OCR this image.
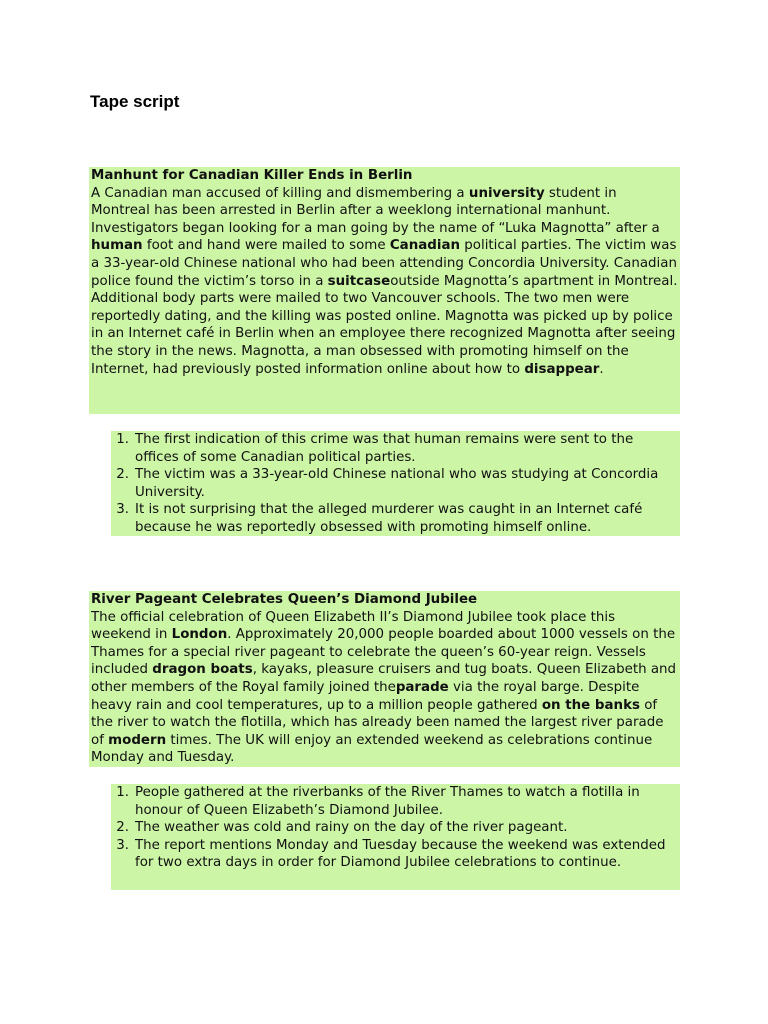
Tape script
Manhunt for Canadian Killer Ends in Berlin
A Canadian man accused of killing and dismembering a university student in Montreal has been arrested in Berlin after a weeklong international manhunt. Investigators began looking for a man going by the name of “Luka Magnotta” after a human foot and hand were mailed to some Canadian political parties. The victim was a 33-year-old Chinese national who had been attending Concordia University. Canadian police found the victim’s torso in a suitcaseoutside Magnotta’s apartment in Montreal. Additional body parts were mailed to two Vancouver schools. The two men were reportedly dating, and the killing was posted online. Magnotta was picked up by police in an Internet café in Berlin when an employee there recognized Magnotta after seeing the story in the news. Magnotta, a man obsessed with promoting himself on the Internet, had previously posted information online about how to disappear.
1. The first indication of this crime was that human remains were sent to the offices of some Canadian political parties.
2. The victim was a 33-year-old Chinese national who was studying at Concordia University.
3. It is not surprising that the alleged murderer was caught in an Internet café because he was reportedly obsessed with promoting himself online.
River Pageant Celebrates Queen’s Diamond Jubilee
The official celebration of Queen Elizabeth II’s Diamond Jubilee took place this weekend in London. Approximately 20,000 people boarded about 1000 vessels on the Thames for a special river pageant to celebrate the queen’s 60-year reign. Vessels included dragon boats, kayaks, pleasure cruisers and tug boats. Queen Elizabeth and other members of the Royal family joined theparade via the royal barge. Despite heavy rain and cool temperatures, up to a million people gathered on the banks of the river to watch the flotilla, which has already been named the largest river parade of modern times. The UK will enjoy an extended weekend as celebrations continue Monday and Tuesday.
1. People gathered at the riverbanks of the River Thames to watch a flotilla in honour of Queen Elizabeth’s Diamond Jubilee.
2. The weather was cold and rainy on the day of the river pageant.
3. The report mentions Monday and Tuesday because the weekend was extended for two extra days in order for Diamond Jubilee celebrations to continue.
